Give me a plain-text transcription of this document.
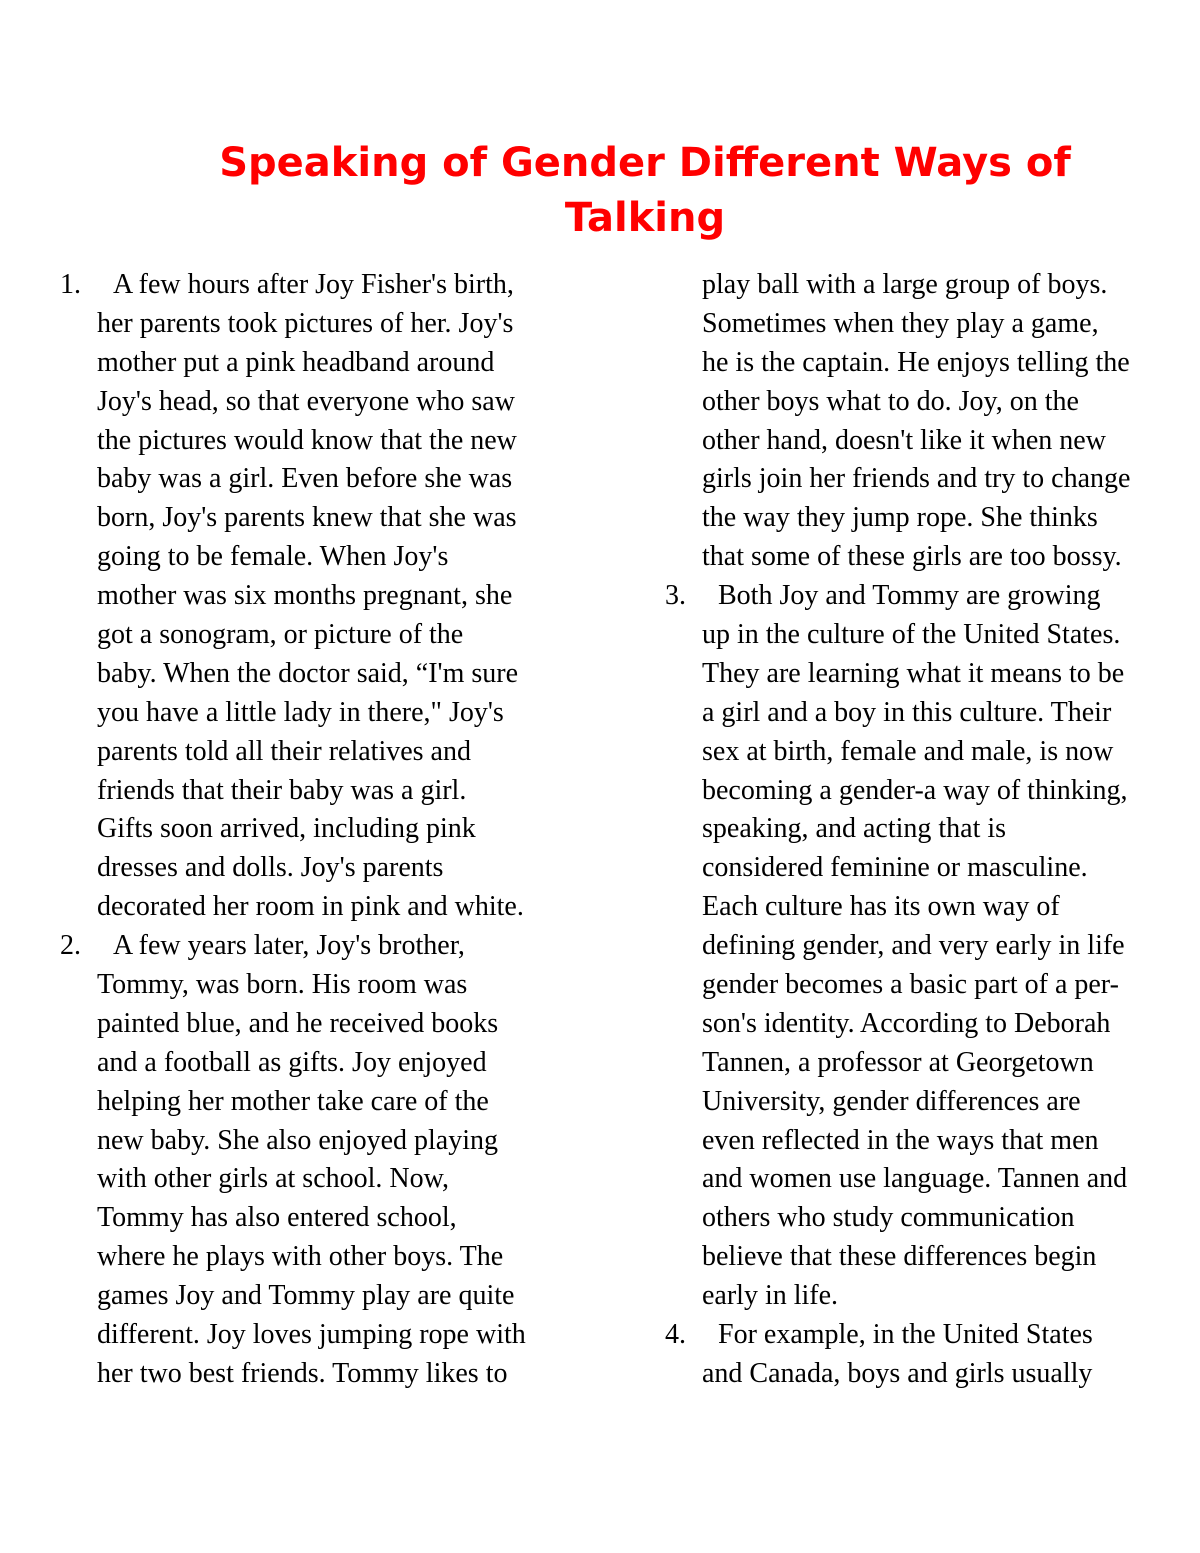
Speaking of Gender Different Ways of Talking
1. A few hours after Joy Fisher's birth,
her parents took pictures of her. Joy's
mother put a pink headband around
Joy's head, so that everyone who saw
the pictures would know that the new
baby was a girl. Even before she was
born, Joy's parents knew that she was
going to be female. When Joy's
mother was six months pregnant, she
got a sonogram, or picture of the
baby. When the doctor said, “I'm sure
you have a little lady in there," Joy's
parents told all their relatives and
friends that their baby was a girl.
Gifts soon arrived, including pink
dresses and dolls. Joy's parents
decorated her room in pink and white.
2. A few years later, Joy's brother,
Tommy, was born. His room was
painted blue, and he received books
and a football as gifts. Joy enjoyed
helping her mother take care of the
new baby. She also enjoyed playing
with other girls at school. Now,
Tommy has also entered school,
where he plays with other boys. The
games Joy and Tommy play are quite
different. Joy loves jumping rope with
her two best friends. Tommy likes to
play ball with a large group of boys.
Sometimes when they play a game,
he is the captain. He enjoys telling the
other boys what to do. Joy, on the
other hand, doesn't like it when new
girls join her friends and try to change
the way they jump rope. She thinks
that some of these girls are too bossy.
3. Both Joy and Tommy are growing
up in the culture of the United States.
They are learning what it means to be
a girl and a boy in this culture. Their
sex at birth, female and male, is now
becoming a gender-a way of thinking,
speaking, and acting that is
considered feminine or masculine.
Each culture has its own way of
defining gender, and very early in life
gender becomes a basic part of a per-
son's identity. According to Deborah
Tannen, a professor at Georgetown
University, gender differences are
even reflected in the ways that men
and women use language. Tannen and
others who study communication
believe that these differences begin
early in life.
4. For example, in the United States
and Canada, boys and girls usually
